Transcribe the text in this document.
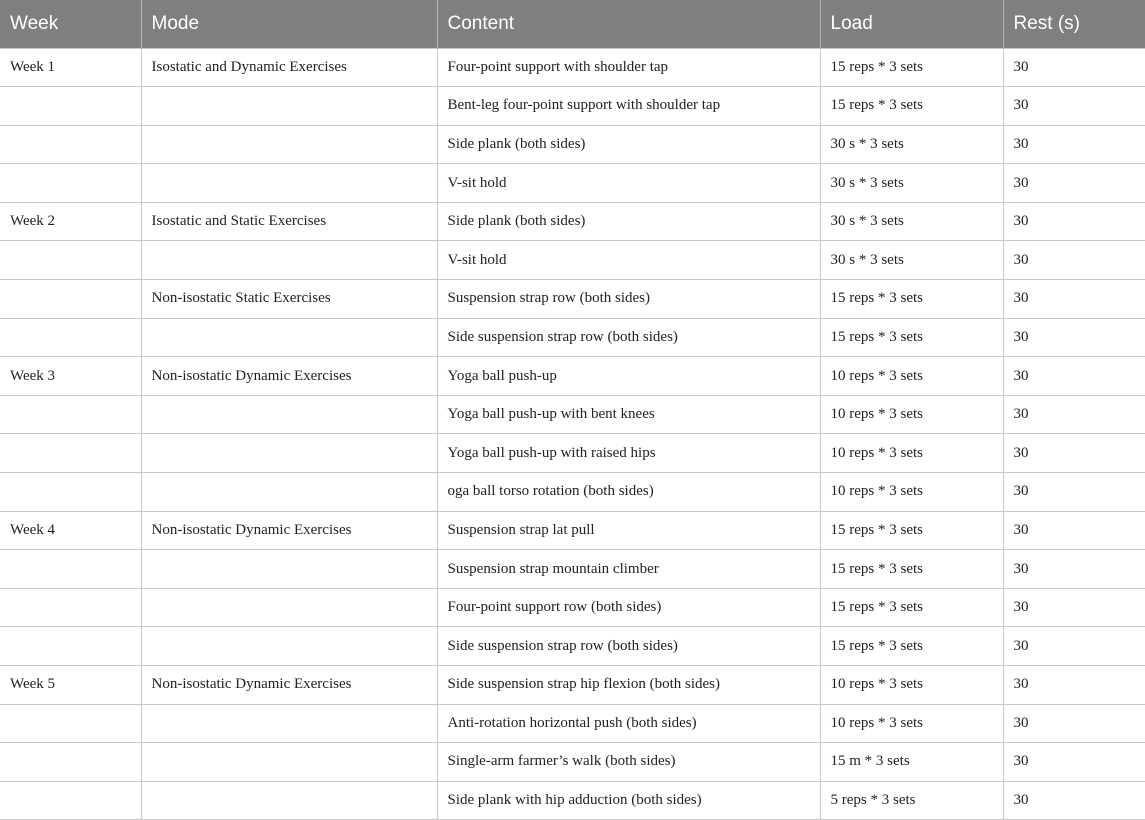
Week	Mode	Content	Load	Rest (s)
Week 1	Isostatic and Dynamic Exercises	Four-point support with shoulder tap	15 reps * 3 sets	30
		Bent-leg four-point support with shoulder tap	15 reps * 3 sets	30
		Side plank (both sides)	30 s * 3 sets	30
		V-sit hold	30 s * 3 sets	30
Week 2	Isostatic and Static Exercises	Side plank (both sides)	30 s * 3 sets	30
		V-sit hold	30 s * 3 sets	30
	Non-isostatic Static Exercises	Suspension strap row (both sides)	15 reps * 3 sets	30
		Side suspension strap row (both sides)	15 reps * 3 sets	30
Week 3	Non-isostatic Dynamic Exercises	Yoga ball push-up	10 reps * 3 sets	30
		Yoga ball push-up with bent knees	10 reps * 3 sets	30
		Yoga ball push-up with raised hips	10 reps * 3 sets	30
		oga ball torso rotation (both sides)	10 reps * 3 sets	30
Week 4	Non-isostatic Dynamic Exercises	Suspension strap lat pull	15 reps * 3 sets	30
		Suspension strap mountain climber	15 reps * 3 sets	30
		Four-point support row (both sides)	15 reps * 3 sets	30
		Side suspension strap row (both sides)	15 reps * 3 sets	30
Week 5	Non-isostatic Dynamic Exercises	Side suspension strap hip flexion (both sides)	10 reps * 3 sets	30
		Anti-rotation horizontal push (both sides)	10 reps * 3 sets	30
		Single-arm farmer’s walk (both sides)	15 m * 3 sets	30
		Side plank with hip adduction (both sides)	5 reps * 3 sets	30
